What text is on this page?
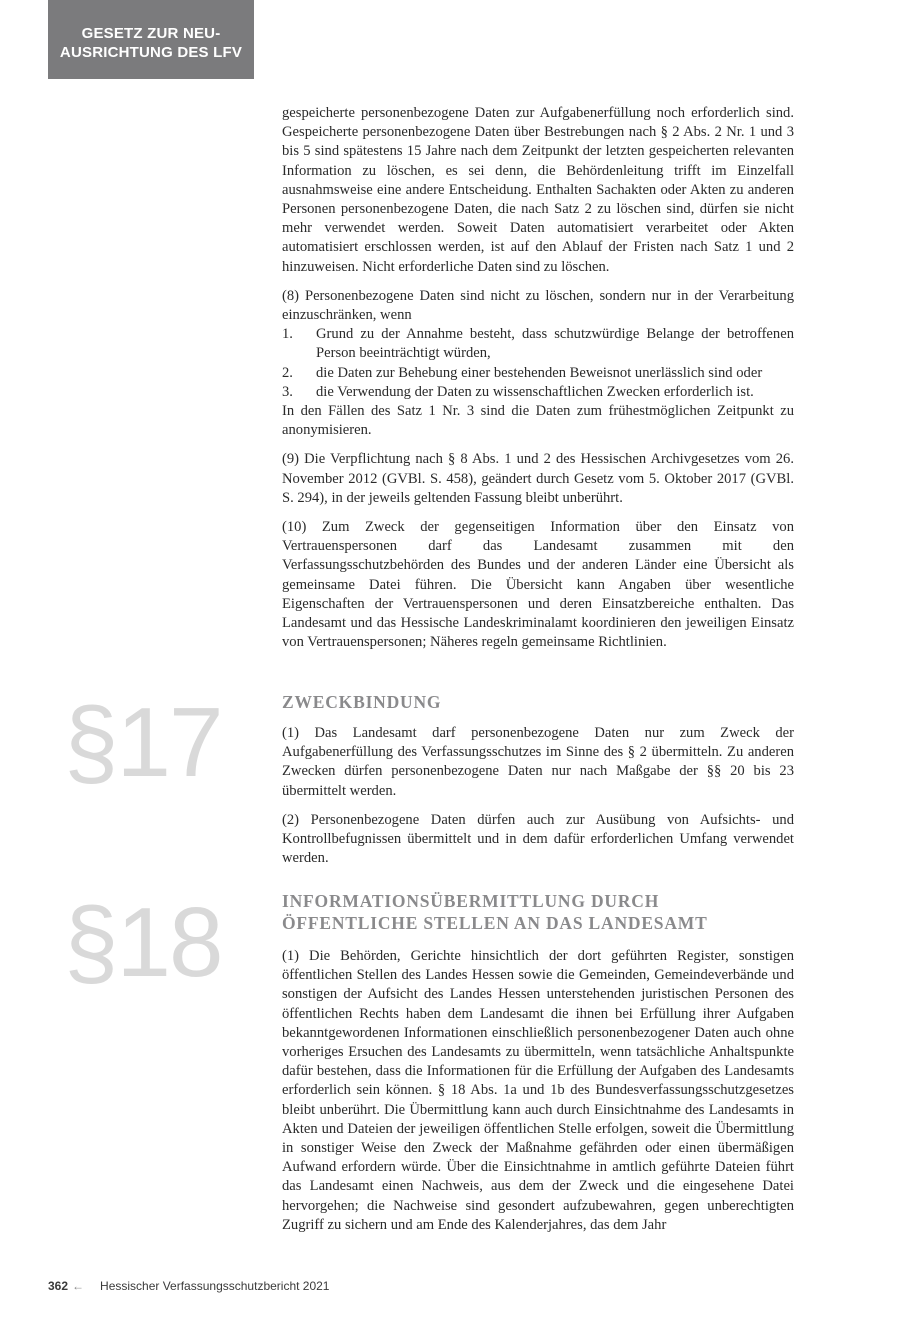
GESETZ ZUR NEU-
AUSRICHTUNG DES LFV

gespeicherte personenbezogene Daten zur Aufgabenerfüllung noch erforderlich sind. Gespeicherte personenbezogene Daten über Bestrebungen nach § 2 Abs. 2 Nr. 1 und 3 bis 5 sind spätestens 15 Jahre nach dem Zeitpunkt der letzten gespeicherten relevanten Information zu löschen, es sei denn, die Behördenleitung trifft im Einzelfall ausnahmsweise eine andere Entscheidung. Enthalten Sachakten oder Akten zu anderen Personen personenbezogene Daten, die nach Satz 2 zu löschen sind, dürfen sie nicht mehr verwendet werden. Soweit Daten automatisiert verarbeitet oder Akten automatisiert erschlossen werden, ist auf den Ablauf der Fristen nach Satz 1 und 2 hinzuweisen. Nicht erforderliche Daten sind zu löschen.

(8) Personenbezogene Daten sind nicht zu löschen, sondern nur in der Verarbeitung einzuschränken, wenn
1. Grund zu der Annahme besteht, dass schutzwürdige Belange der betroffenen Person beeinträchtigt würden,
2. die Daten zur Behebung einer bestehenden Beweisnot unerlässlich sind oder
3. die Verwendung der Daten zu wissenschaftlichen Zwecken erforderlich ist.
In den Fällen des Satz 1 Nr. 3 sind die Daten zum frühestmöglichen Zeitpunkt zu anonymisieren.

(9) Die Verpflichtung nach § 8 Abs. 1 und 2 des Hessischen Archivgesetzes vom 26. November 2012 (GVBl. S. 458), geändert durch Gesetz vom 5. Oktober 2017 (GVBl. S. 294), in der jeweils geltenden Fassung bleibt unberührt.

(10) Zum Zweck der gegenseitigen Information über den Einsatz von Vertrauenspersonen darf das Landesamt zusammen mit den Verfassungsschutzbehörden des Bundes und der anderen Länder eine Übersicht als gemeinsame Datei führen. Die Übersicht kann Angaben über wesentliche Eigenschaften der Vertrauenspersonen und deren Einsatzbereiche enthalten. Das Landesamt und das Hessische Landeskriminalamt koordinieren den jeweiligen Einsatz von Vertrauenspersonen; Näheres regeln gemeinsame Richtlinien.

§17	ZWECKBINDUNG

(1) Das Landesamt darf personenbezogene Daten nur zum Zweck der Aufgabenerfüllung des Verfassungsschutzes im Sinne des § 2 übermitteln. Zu anderen Zwecken dürfen personenbezogene Daten nur nach Maßgabe der §§ 20 bis 23 übermittelt werden.

(2) Personenbezogene Daten dürfen auch zur Ausübung von Aufsichts- und Kontrollbefugnissen übermittelt und in dem dafür erforderlichen Umfang verwendet werden.

§18	INFORMATIONSÜBERMITTLUNG DURCH
ÖFFENTLICHE STELLEN AN DAS LANDESAMT

(1) Die Behörden, Gerichte hinsichtlich der dort geführten Register, sonstigen öffentlichen Stellen des Landes Hessen sowie die Gemeinden, Gemeindeverbände und sonstigen der Aufsicht des Landes Hessen unterstehenden juristischen Personen des öffentlichen Rechts haben dem Landesamt die ihnen bei Erfüllung ihrer Aufgaben bekanntgewordenen Informationen einschließlich personenbezogener Daten auch ohne vorheriges Ersuchen des Landesamts zu übermitteln, wenn tatsächliche Anhaltspunkte dafür bestehen, dass die Informationen für die Erfüllung der Aufgaben des Landesamts erforderlich sein können. § 18 Abs. 1a und 1b des Bundesverfassungsschutzgesetzes bleibt unberührt. Die Übermittlung kann auch durch Einsichtnahme des Landesamts in Akten und Dateien der jeweiligen öffentlichen Stelle erfolgen, soweit die Übermittlung in sonstiger Weise den Zweck der Maßnahme gefährden oder einen übermäßigen Aufwand erfordern würde. Über die Einsichtnahme in amtlich geführte Dateien führt das Landesamt einen Nachweis, aus dem der Zweck und die eingesehene Datei hervorgehen; die Nachweise sind gesondert aufzubewahren, gegen unberechtigten Zugriff zu sichern und am Ende des Kalenderjahres, das dem Jahr

362 ← Hessischer Verfassungsschutzbericht 2021
